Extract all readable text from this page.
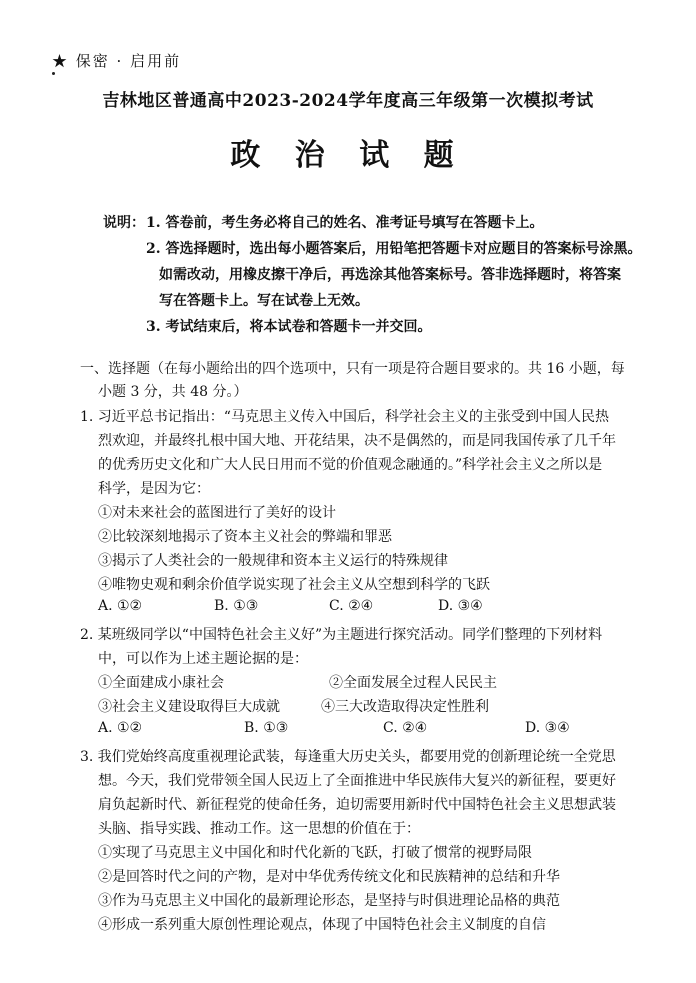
★ 保密 · 启用前
吉林地区普通高中2023-2024学年度高三年级第一次模拟考试
政 治 试 题
说明： 1. 答卷前，考生务必将自己的姓名、准考证号填写在答题卡上。
2. 答选择题时，选出每小题答案后，用铅笔把答题卡对应题目的答案标号涂黑。
如需改动，用橡皮擦干净后，再选涂其他答案标号。答非选择题时，将答案
写在答题卡上。写在试卷上无效。
3. 考试结束后，将本试卷和答题卡一并交回。
一、选择题（在每小题给出的四个选项中，只有一项是符合题目要求的。共 16 小题，每
小题 3 分，共 48 分。）
1. 习近平总书记指出：“马克思主义传入中国后，科学社会主义的主张受到中国人民热
烈欢迎，并最终扎根中国大地、开花结果，决不是偶然的，而是同我国传承了几千年
的优秀历史文化和广大人民日用而不觉的价值观念融通的。”科学社会主义之所以是
科学，是因为它：
①对未来社会的蓝图进行了美好的设计
②比较深刻地揭示了资本主义社会的弊端和罪恶
③揭示了人类社会的一般规律和资本主义运行的特殊规律
④唯物史观和剩余价值学说实现了社会主义从空想到科学的飞跃
A. ①②	B. ①③	C. ②④	D. ③④
2. 某班级同学以“中国特色社会主义好”为主题进行探究活动。同学们整理的下列材料
中，可以作为上述主题论据的是：
①全面建成小康社会	②全面发展全过程人民民主
③社会主义建设取得巨大成就	④三大改造取得决定性胜利
A. ①②	B. ①③	C. ②④	D. ③④
3. 我们党始终高度重视理论武装，每逢重大历史关头，都要用党的创新理论统一全党思
想。今天，我们党带领全国人民迈上了全面推进中华民族伟大复兴的新征程，要更好
肩负起新时代、新征程党的使命任务，迫切需要用新时代中国特色社会主义思想武装
头脑、指导实践、推动工作。这一思想的价值在于：
①实现了马克思主义中国化和时代化新的飞跃，打破了惯常的视野局限
②是回答时代之问的产物，是对中华优秀传统文化和民族精神的总结和升华
③作为马克思主义中国化的最新理论形态，是坚持与时俱进理论品格的典范
④形成一系列重大原创性理论观点，体现了中国特色社会主义制度的自信
